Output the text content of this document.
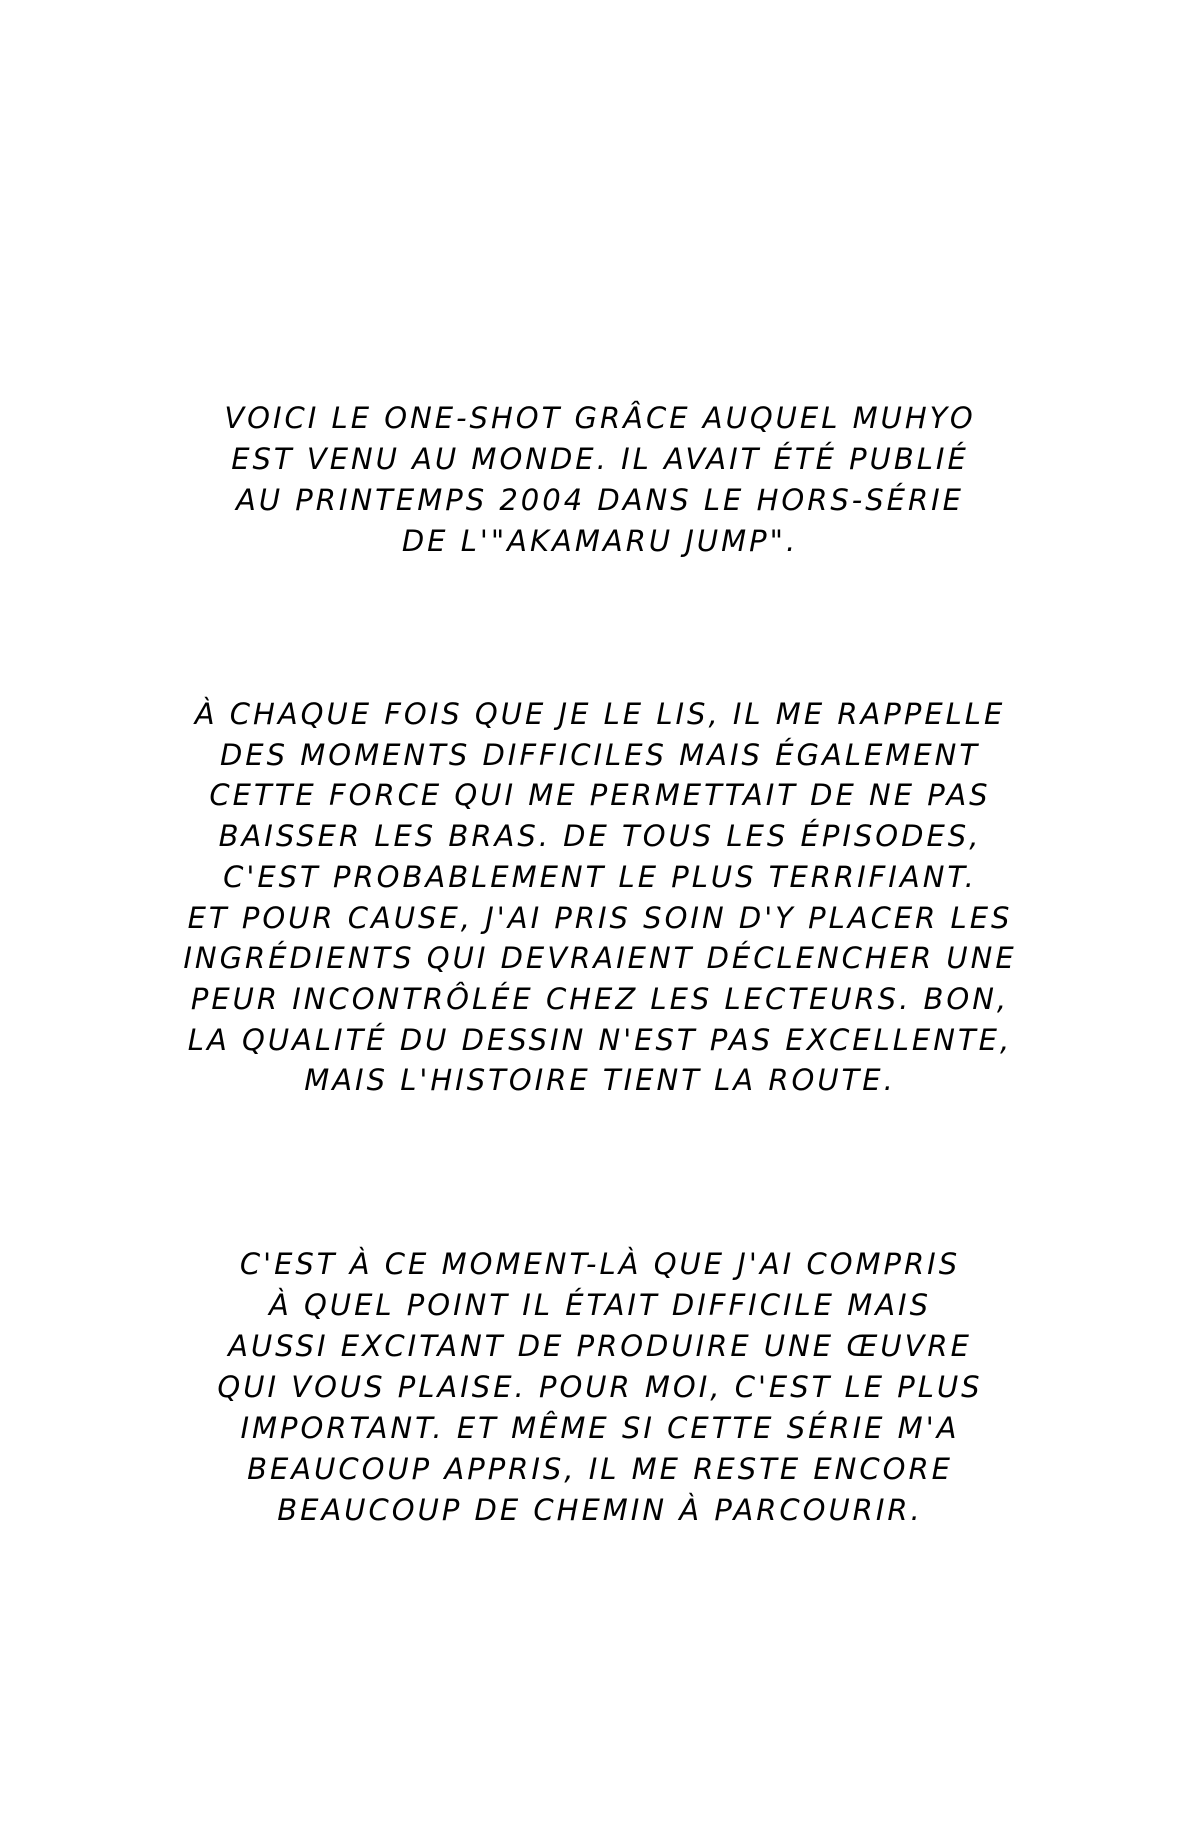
VOICI LE ONE-SHOT GRÂCE AUQUEL MUHYO
EST VENU AU MONDE. IL AVAIT ÉTÉ PUBLIÉ
AU PRINTEMPS 2004 DANS LE HORS-SÉRIE
DE L'"AKAMARU JUMP".
À CHAQUE FOIS QUE JE LE LIS, IL ME RAPPELLE
DES MOMENTS DIFFICILES MAIS ÉGALEMENT
CETTE FORCE QUI ME PERMETTAIT DE NE PAS
BAISSER LES BRAS. DE TOUS LES ÉPISODES,
C'EST PROBABLEMENT LE PLUS TERRIFIANT.
ET POUR CAUSE, J'AI PRIS SOIN D'Y PLACER LES
INGRÉDIENTS QUI DEVRAIENT DÉCLENCHER UNE
PEUR INCONTRÔLÉE CHEZ LES LECTEURS. BON,
LA QUALITÉ DU DESSIN N'EST PAS EXCELLENTE,
MAIS L'HISTOIRE TIENT LA ROUTE.
C'EST À CE MOMENT-LÀ QUE J'AI COMPRIS
À QUEL POINT IL ÉTAIT DIFFICILE MAIS
AUSSI EXCITANT DE PRODUIRE UNE ŒUVRE
QUI VOUS PLAISE. POUR MOI, C'EST LE PLUS
IMPORTANT. ET MÊME SI CETTE SÉRIE M'A
BEAUCOUP APPRIS, IL ME RESTE ENCORE
BEAUCOUP DE CHEMIN À PARCOURIR.
